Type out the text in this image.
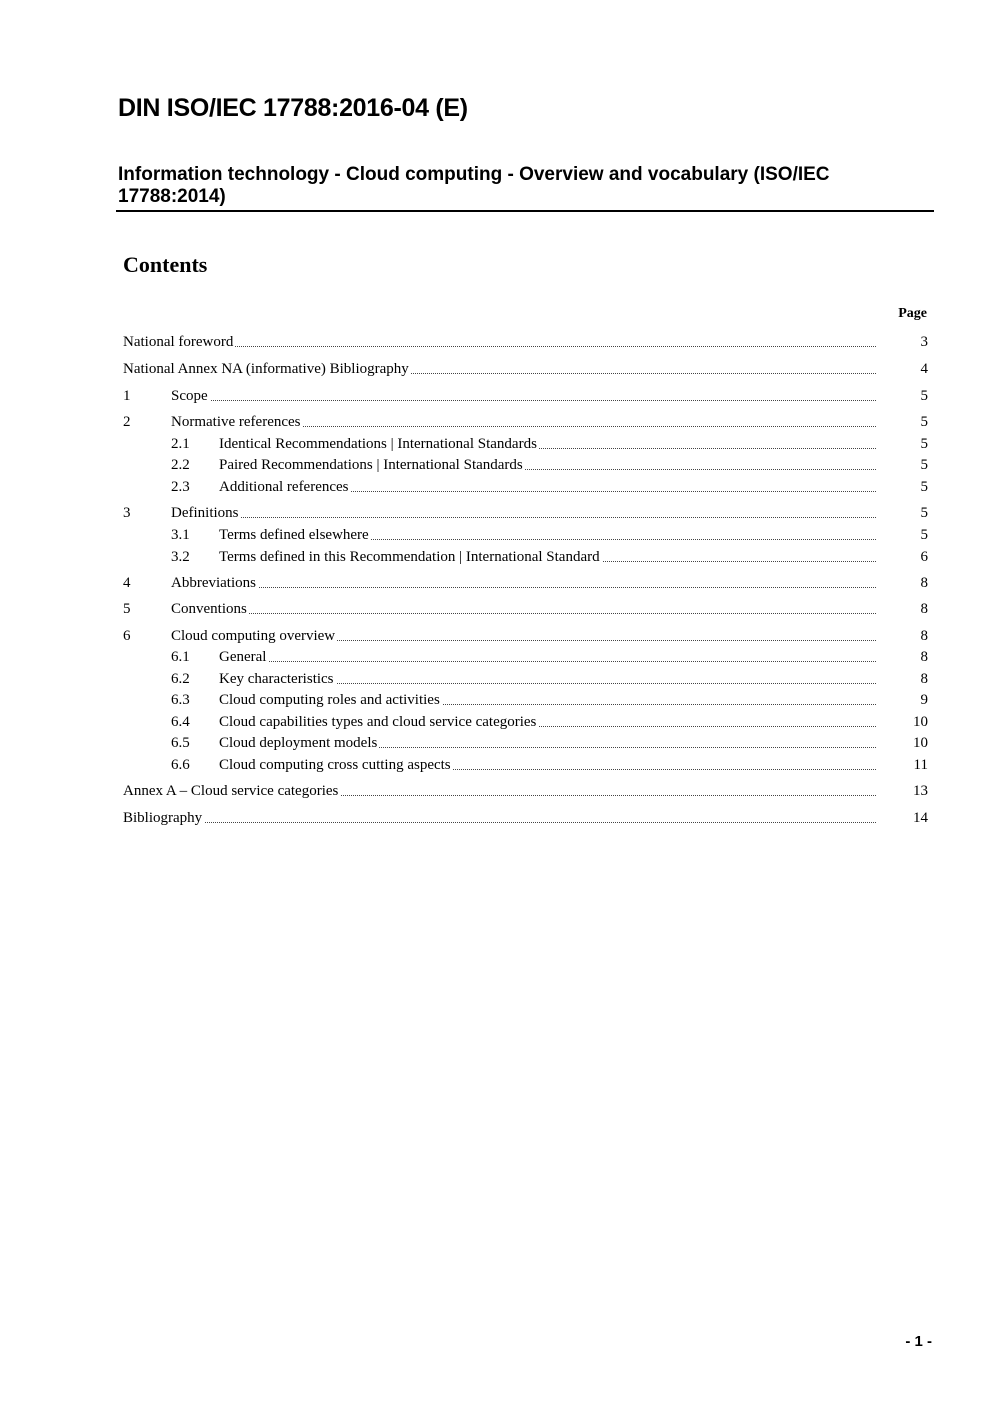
DIN ISO/IEC 17788:2016-04 (E)
Information technology - Cloud computing - Overview and vocabulary (ISO/IEC 17788:2014)
Contents
Page
National foreword	3
National Annex NA (informative) Bibliography	4
1	Scope	5
2	Normative references	5
2.1 Identical Recommendations | International Standards	5
2.2 Paired Recommendations | International Standards	5
2.3 Additional references	5
3	Definitions	5
3.1 Terms defined elsewhere	5
3.2 Terms defined in this Recommendation | International Standard	6
4	Abbreviations	8
5	Conventions	8
6	Cloud computing overview	8
6.1 General	8
6.2 Key characteristics	8
6.3 Cloud computing roles and activities	9
6.4 Cloud capabilities types and cloud service categories	10
6.5 Cloud deployment models	10
6.6 Cloud computing cross cutting aspects	11
Annex A – Cloud service categories	13
Bibliography	14
- 1 -
